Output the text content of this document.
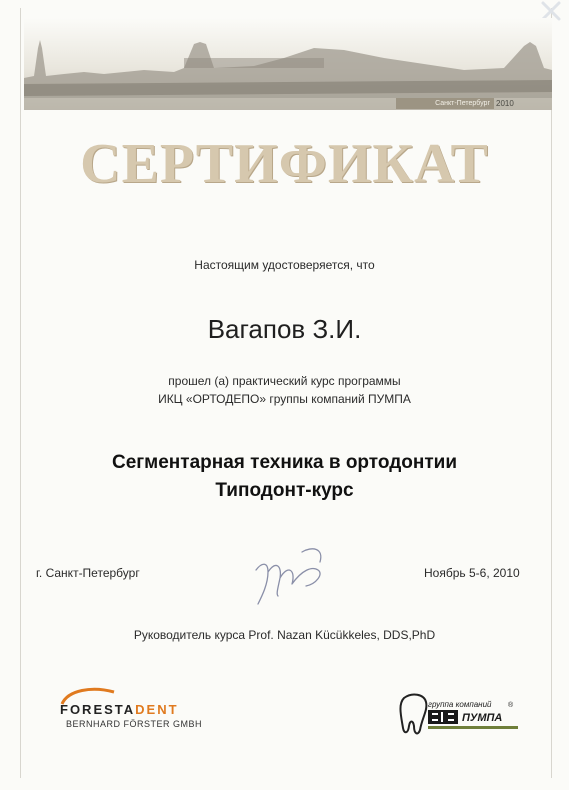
Санкт-Петербург 2010
СЕРТИФИКАТ
Настоящим удостоверяется, что
Вагапов З.И.
прошел (а) практический курс программы
ИКЦ «ОРТОДЕПО» группы компаний ПУМПА
Сегментарная техника в ортодонтии
Типодонт-курс
г. Санкт-Петербург	Ноябрь 5-6, 2010
Руководитель курса Prof. Nazan Kücükkeles, DDS,PhD
FORESTADENT
BERNHARD FÖRSTER GMBH
группа компаний ®
ПУМПА
